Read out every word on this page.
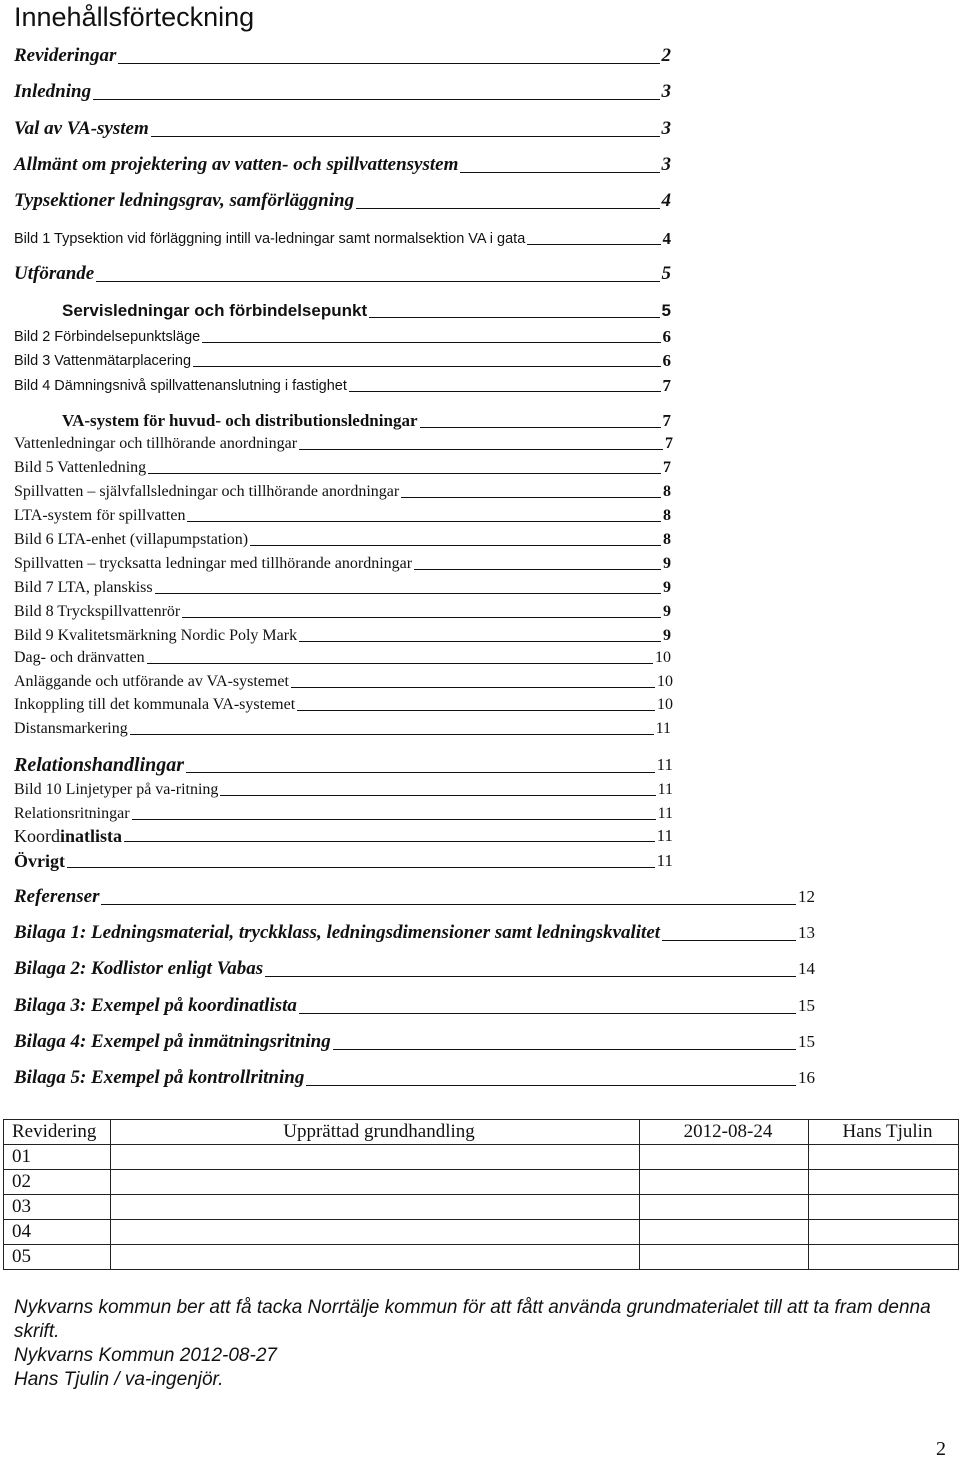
Innehållsförteckning
Revideringar	2
Inledning	3
Val av VA-system	3
Allmänt om projektering av vatten- och spillvattensystem	3
Typsektioner ledningsgrav, samförläggning	4
Bild 1 Typsektion vid förläggning intill va-ledningar samt normalsektion VA i gata	4
Utförande	5
Servisledningar och förbindelsepunkt	5
Bild 2 Förbindelsepunktsläge	6
Bild 3 Vattenmätarplacering	6
Bild 4 Dämningsnivå spillvattenanslutning i fastighet	7
VA-system för huvud- och distributionsledningar	7
Vattenledningar och tillhörande anordningar	7
Bild 5 Vattenledning	7
Spillvatten – självfallsledningar och tillhörande anordningar	8
LTA-system för spillvatten	8
Bild 6 LTA-enhet (villapumpstation)	8
Spillvatten – trycksatta ledningar med tillhörande anordningar	9
Bild 7 LTA, planskiss	9
Bild 8 Tryckspillvattenrör	9
Bild 9 Kvalitetsmärkning Nordic Poly Mark	9
Dag- och dränvatten	10
Anläggande och utförande av VA-systemet	10
Inkoppling till det kommunala VA-systemet	10
Distansmarkering	11
Relationshandlingar	11
Bild 10 Linjetyper på va-ritning	11
Relationsritningar	11
Koordinatlista	11
Övrigt	11
Referenser	12
Bilaga 1: Ledningsmaterial, tryckklass, ledningsdimensioner samt ledningskvalitet	13
Bilaga 2: Kodlistor enligt Vabas	14
Bilaga 3: Exempel på koordinatlista	15
Bilaga 4: Exempel på inmätningsritning	15
Bilaga 5: Exempel på kontrollritning	16
Revidering	Upprättad grundhandling	2012-08-24	Hans Tjulin
01			
02			
03			
04			
05			
Nykvarns kommun ber att få tacka Norrtälje kommun för att fått använda grundmaterialet till att ta fram denna skrift.
Nykvarns Kommun 2012-08-27
Hans Tjulin / va-ingenjör.
2
